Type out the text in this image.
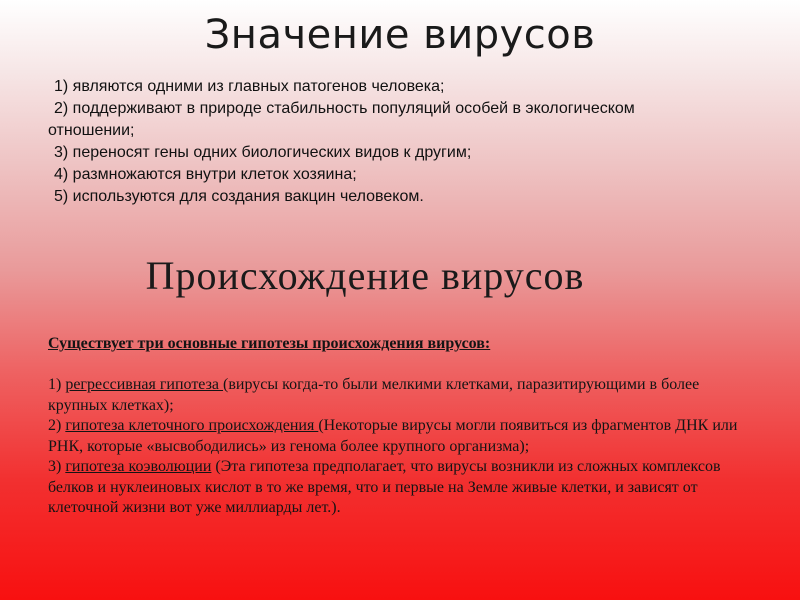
Значение вирусов
1) являются одними из главных патогенов человека;
2) поддерживают в природе стабильность популяций особей в экологическом отношении;
3) переносят гены одних биологических видов к другим;
4) размножаются внутри клеток хозяина;
5) используются для создания вакцин человеком.
Происхождение вирусов
Существует три основные гипотезы происхождения вирусов:
1) регрессивная гипотеза (вирусы когда-то были мелкими клетками, паразитирующими в более крупных клетках);
2) гипотеза клеточного происхождения (Некоторые вирусы могли появиться из фрагментов ДНК или РНК, которые «высвободились» из генома более крупного организма);
3) гипотеза коэволюции (Эта гипотеза предполагает, что вирусы возникли из сложных комплексов белков и нуклеиновых кислот в то же время, что и первые на Земле живые клетки, и зависят от клеточной жизни вот уже миллиарды лет.).
